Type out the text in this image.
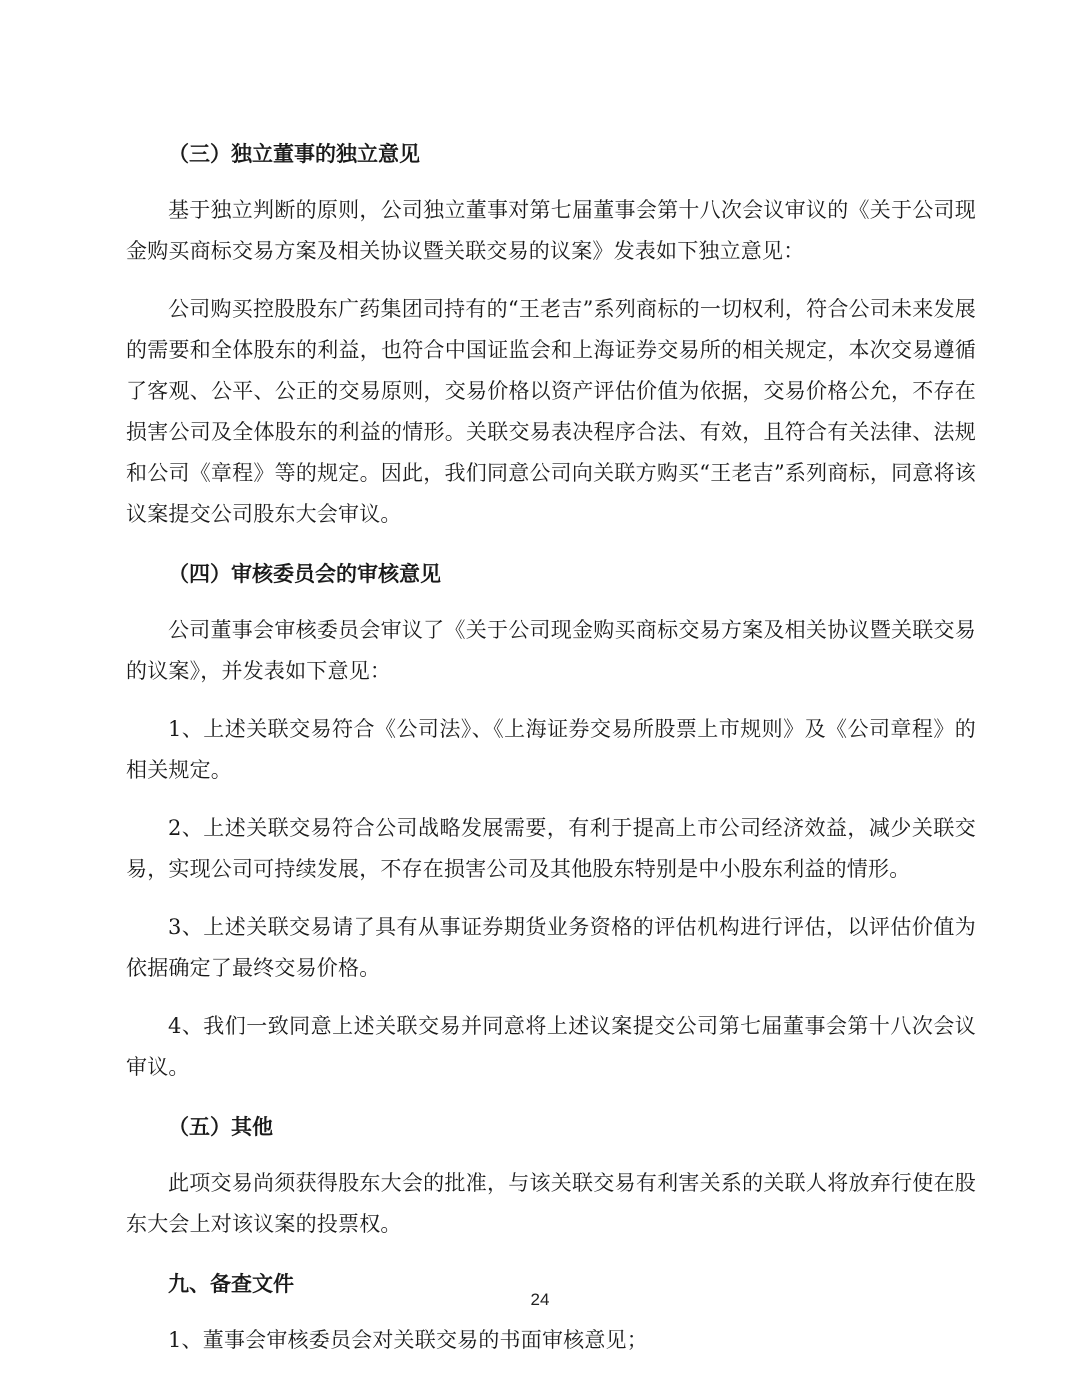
（三）独立董事的独立意见

基于独立判断的原则，公司独立董事对第七届董事会第十八次会议审议的《关于公司现金购买商标交易方案及相关协议暨关联交易的议案》发表如下独立意见：

公司购买控股股东广药集团司持有的“王老吉”系列商标的一切权利，符合公司未来发展的需要和全体股东的利益，也符合中国证监会和上海证券交易所的相关规定，本次交易遵循了客观、公平、公正的交易原则，交易价格以资产评估价值为依据，交易价格公允，不存在损害公司及全体股东的利益的情形。关联交易表决程序合法、有效，且符合有关法律、法规和公司《章程》等的规定。因此，我们同意公司向关联方购买“王老吉”系列商标，同意将该议案提交公司股东大会审议。

（四）审核委员会的审核意见

公司董事会审核委员会审议了《关于公司现金购买商标交易方案及相关协议暨关联交易的议案》，并发表如下意见：

1、上述关联交易符合《公司法》、《上海证券交易所股票上市规则》及《公司章程》的相关规定。

2、上述关联交易符合公司战略发展需要，有利于提高上市公司经济效益，减少关联交易，实现公司可持续发展，不存在损害公司及其他股东特别是中小股东利益的情形。

3、上述关联交易请了具有从事证券期货业务资格的评估机构进行评估，以评估价值为依据确定了最终交易价格。

4、我们一致同意上述关联交易并同意将上述议案提交公司第七届董事会第十八次会议审议。

（五）其他

此项交易尚须获得股东大会的批准，与该关联交易有利害关系的关联人将放弃行使在股东大会上对该议案的投票权。

九、备查文件

1、董事会审核委员会对关联交易的书面审核意见；

24
